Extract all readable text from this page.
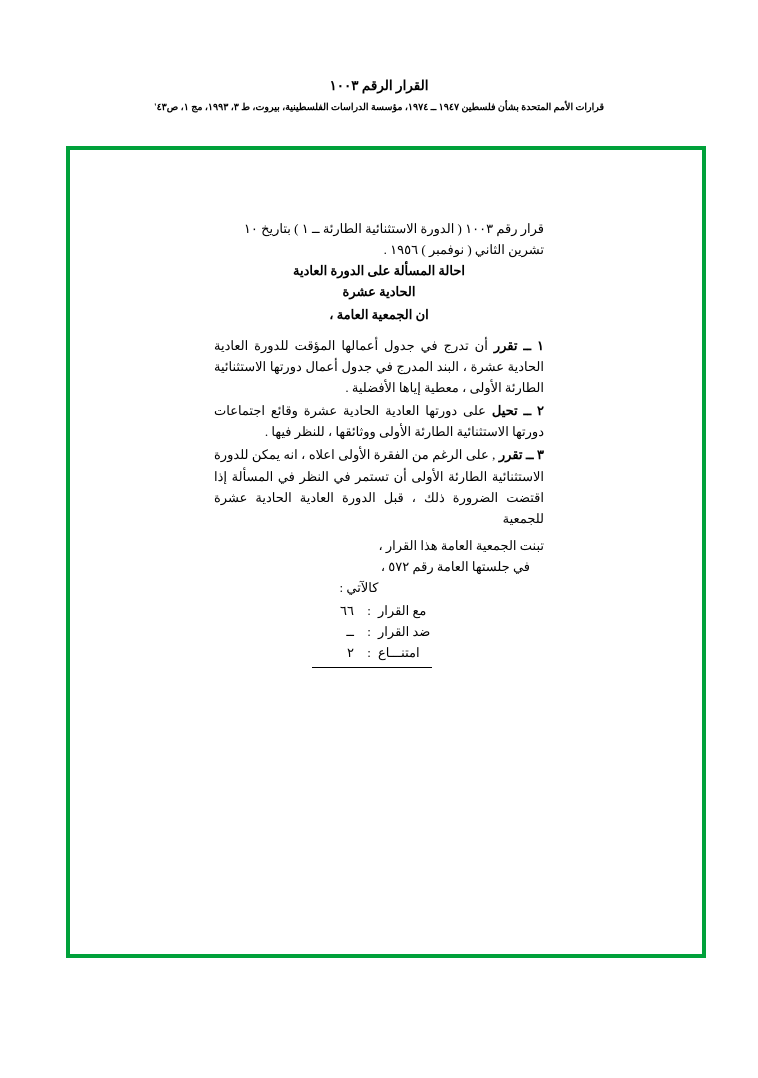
القرار الرقم ١٠٠٣
قرارات الأمم المتحدة بشأن فلسطين ١٩٤٧ ــ ١٩٧٤، مؤسسة الدراسات الفلسطينية، بيروت، ط ٣، ١٩٩٣، مج ١، ص٤٣'
قرار رقم ١٠٠٣ ( الدورة الاستثنائية الطارئة ــ ١ ) بتاريخ ١٠
تشرين الثاني ( نوفمبر ) ١٩٥٦ .
احالة المسألة على الدورة العادية
الحادية عشرة
ان الجمعية العامة ،
١ ــ تقرر أن تدرج في جدول أعمالها المؤقت للدورة العادية الحادية عشرة ، البند المدرج في جدول أعمال دورتها الاستثنائية الطارئة الأولى ، معطية إياها الأفضلية .
٢ ــ تحيل على دورتها العادية الحادية عشرة وقائع اجتماعات دورتها الاستثنائية الطارئة الأولى ووثائقها ، للنظر فيها .
٣ ــ تقرر , على الرغم من الفقرة الأولى اعلاه ، انه يمكن للدورة الاستثنائية الطارئة الأولى أن تستمر في النظر في المسألة إذا اقتضت الضرورة ذلك ، قبل الدورة العادية الحادية عشرة للجمعية
تبنت الجمعية العامة هذا القرار ،
في جلستها العامة رقم ٥٧٢ ،
كالآتي :
مع القرار
:
٦٦
ضد القرار
:
ــ
امتنـــاع
:
٢
